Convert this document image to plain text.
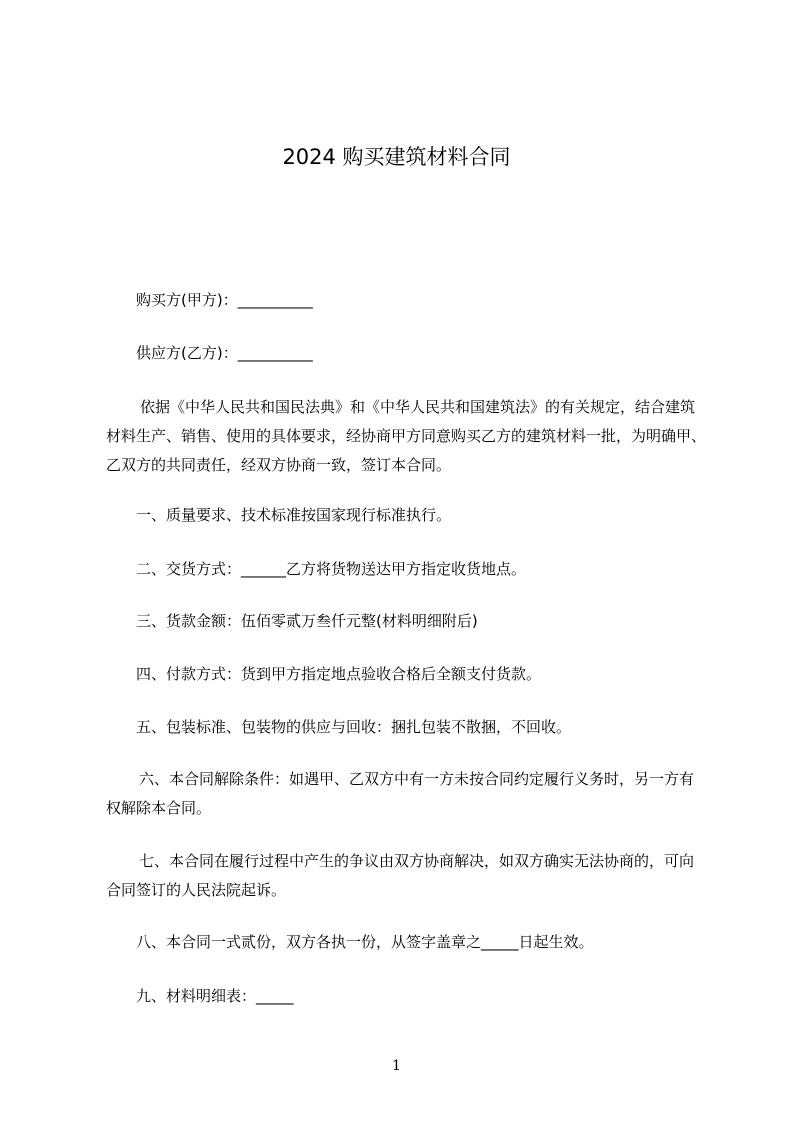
2024 购买建筑材料合同
购买方(甲方)：__________
供应方(乙方)：__________
依据《中华人民共和国民法典》和《中华人民共和国建筑法》的有关规定，结合建筑材料生产、销售、使用的具体要求，经协商甲方同意购买乙方的建筑材料一批，为明确甲、乙双方的共同责任，经双方协商一致，签订本合同。
一、质量要求、技术标准按国家现行标准执行。
二、交货方式：______乙方将货物送达甲方指定收货地点。
三、货款金额：伍佰零贰万叁仟元整(材料明细附后)
四、付款方式：货到甲方指定地点验收合格后全额支付货款。
五、包装标准、包装物的供应与回收：捆扎包装不散捆，不回收。
六、本合同解除条件：如遇甲、乙双方中有一方未按合同约定履行义务时，另一方有权解除本合同。
七、本合同在履行过程中产生的争议由双方协商解决，如双方确实无法协商的，可向合同签订的人民法院起诉。
八、本合同一式贰份，双方各执一份，从签字盖章之_____日起生效。
九、材料明细表：_____
1
